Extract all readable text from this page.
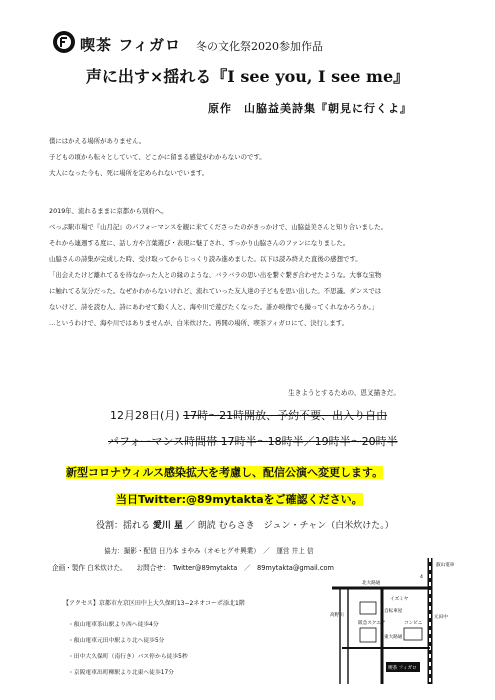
喫茶 フィガロ 冬の文化祭2020参加作品
声に出す×揺れる『I see you, I see me』
原作　山脇益美詩集『朝見に行くよ』
僕にはかえる場所がありません。
子どもの頃から転々としていて、どこかに留まる感覚がわからないのです。
大人になった今も、死に場所を定められないでいます。
2019年、流れるままに京都から別府へ。
べっぷ駅市場で『山月記』のパフォーマンスを観に来てくださったのがきっかけで、山脇益美さんと知り合いました。
それから連週する度に、話し方や言葉選び・表現に魅了され、すっかり山脇さんのファンになりました。
山脇さんの詩集が完成した時、受け取ってからじっくり読み進めました。以下は読み終えた直後の感想です。
「出会えたけど離れてるを待なかった人との縁のような、バラバラの思い出を繋ぐ繋ぎ合わせたような。大事な宝物
に触れてる気分だった。なぜかわからないけれど、流れていった友人達の子どもを思い出した。不思議。ダンスでは
ないけど、詩を読む人、詩にあわせて動く人と、海や川で遊びたくなった。誰か映像でも撮ってくれなかろうか。」
…というわけで、海や川ではありませんが、白米炊けた。再開の場所、喫茶フィガロにて、決行します。
生きようとするための、恩叉描きだ。
12月28日(月) 17時〜21時開放、予約不要、出入り自由
パフォーマンス時間帯 17時半〜18時半／19時半〜20時半
新型コロナウィルス感染拡大を考慮し、配信公演へ変更します。
当日Twitter:@89mytaktaをご確認ください。
役割：揺れる 愛川 星 ／ 朗読 むらさき　ジュン・チャン（白米炊けた。）
協力：撮影・配信 日乃本 まやみ（オモヒグサ興業）　／　運営 井上 信
企画・製作 白米炊けた。　　お問合せ：　Twitter@89mytakta　／　89mytakta@gmail.com
【アクセス】京都市左京区田中上大久保町13−2ネオコーポ添北1階
・叡山電車茶山駅より西へ徒歩4分
・叡山電車元田中駅より北へ徒歩5分
・田中大久保町（南行き）バス停から徒歩5秒
・京阪電車出町柳駅より北東へ徒歩17分
叡山電車
北大路通
高野川
イズミヤ
自転車屋
阪急スクエア	コンビニ
喫茶 フィガロ
元田中
東大路通
4
